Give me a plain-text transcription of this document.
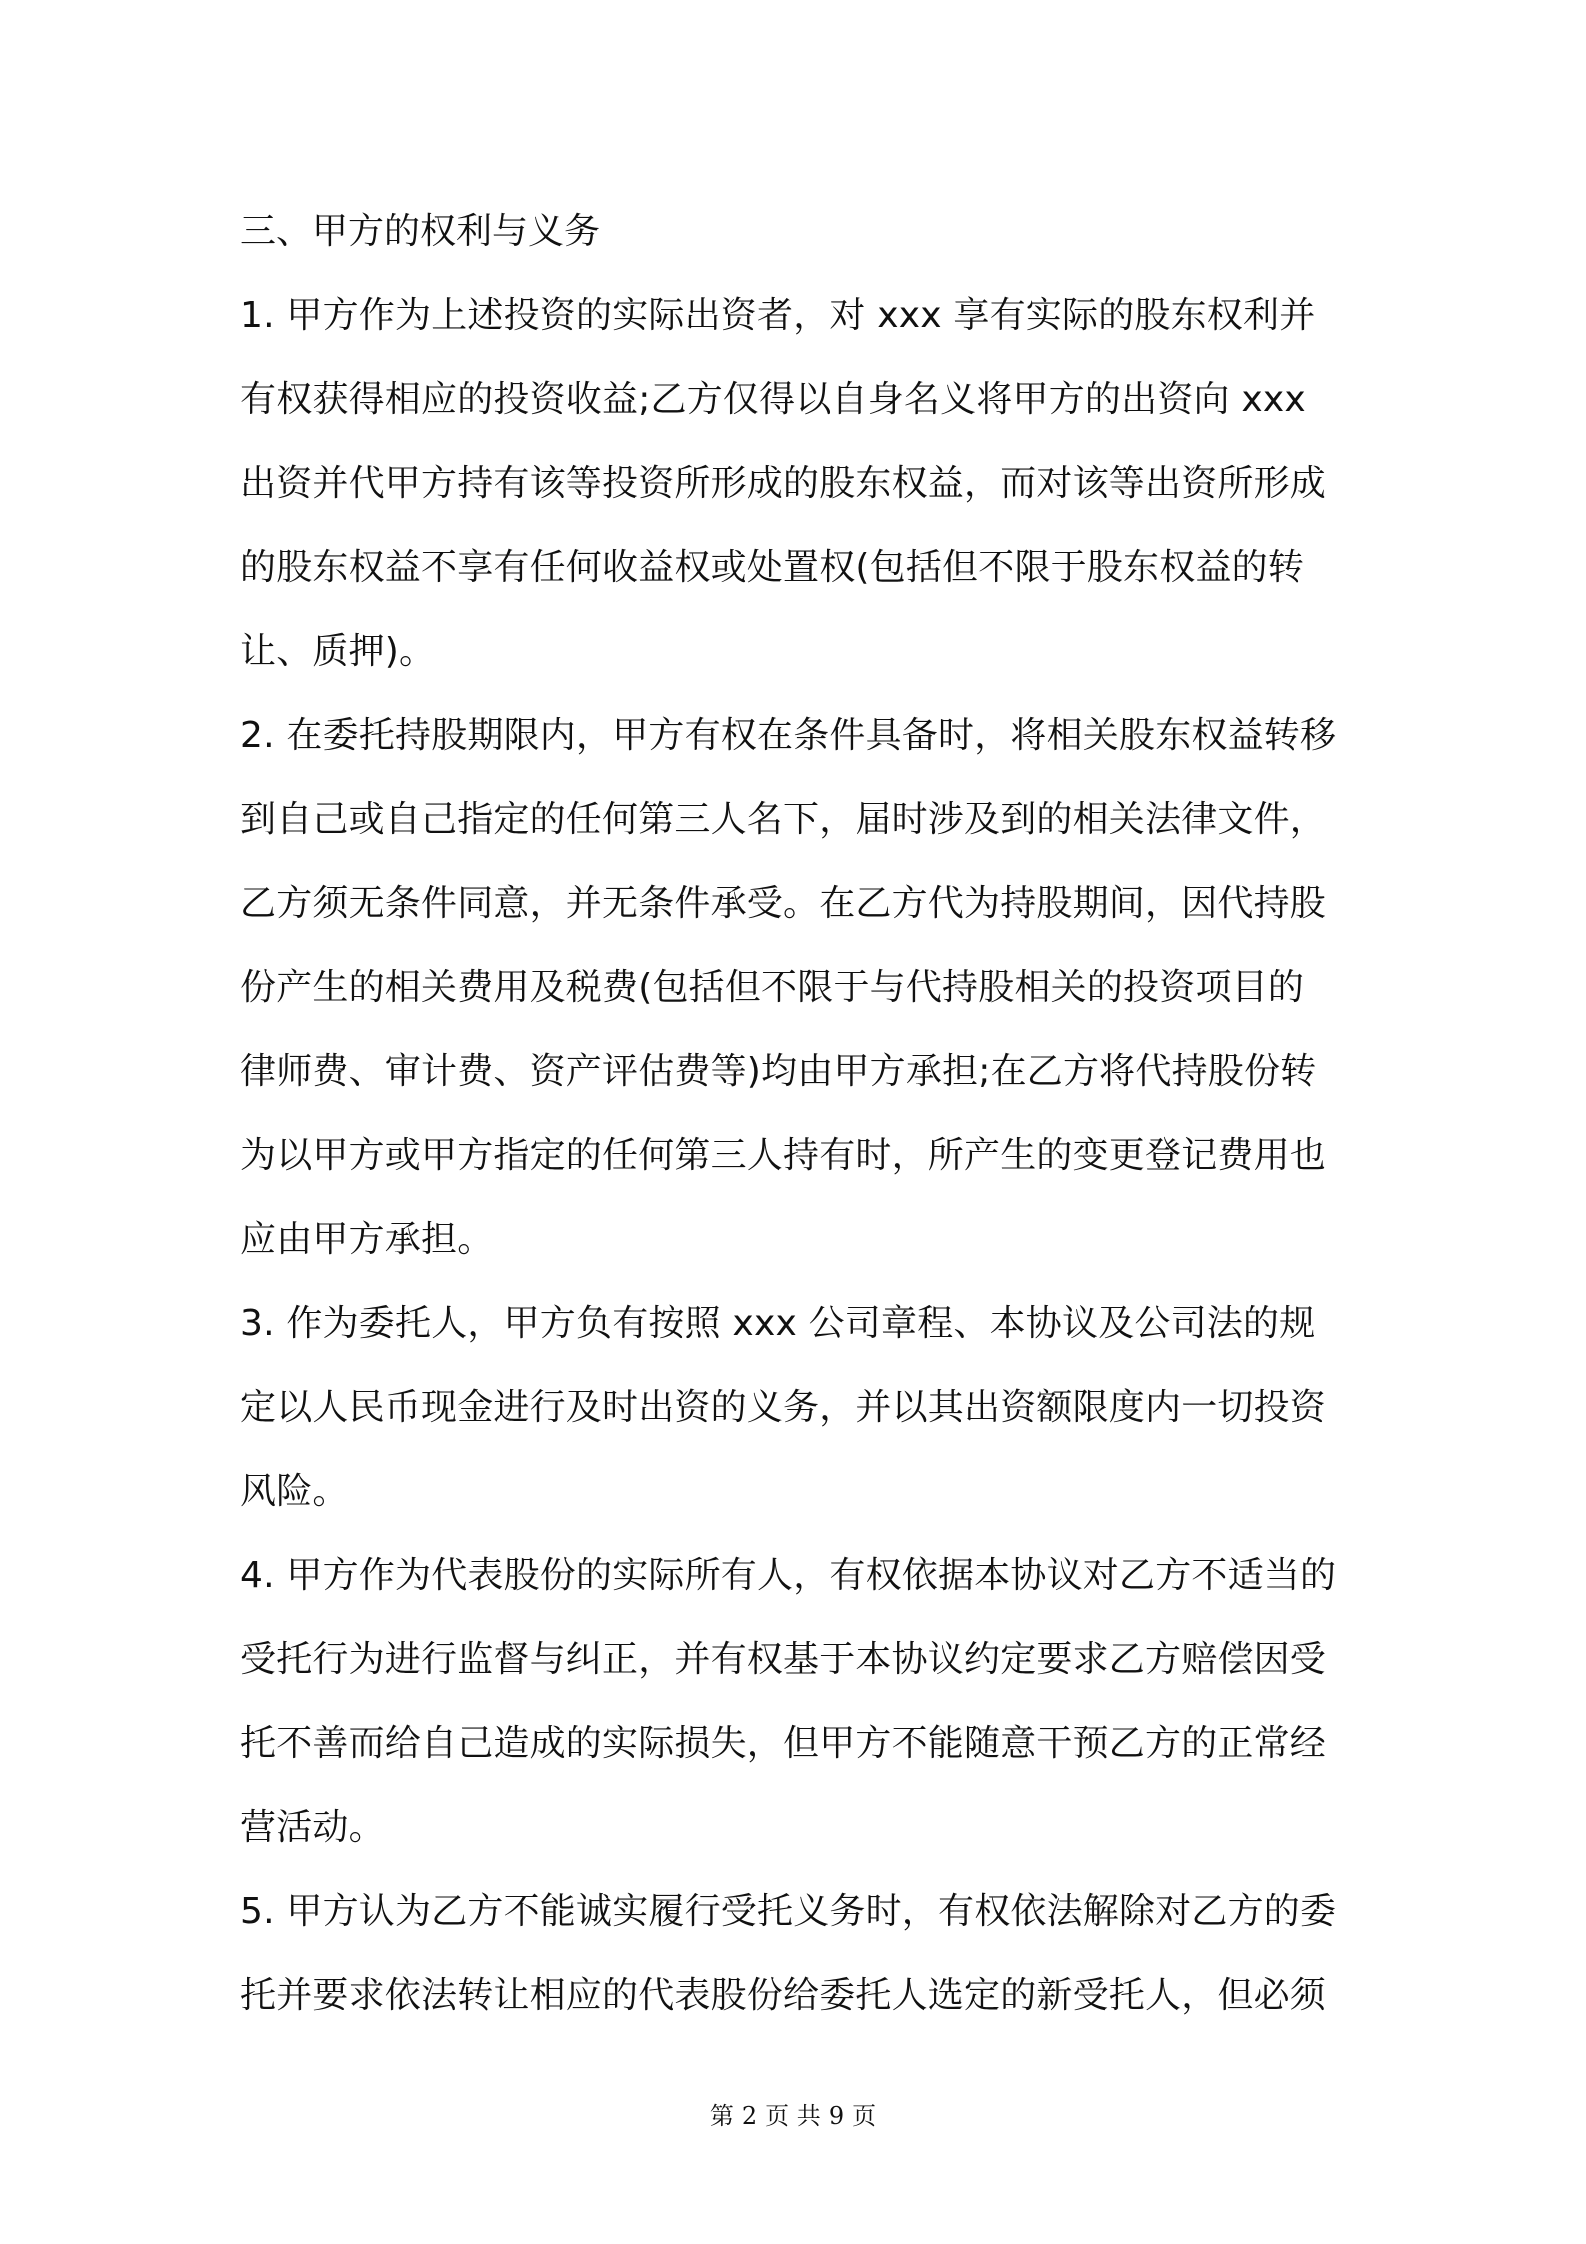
三、甲方的权利与义务

1. 甲方作为上述投资的实际出资者，对 xxx 享有实际的股东权利并
有权获得相应的投资收益;乙方仅得以自身名义将甲方的出资向 xxx
出资并代甲方持有该等投资所形成的股东权益，而对该等出资所形成
的股东权益不享有任何收益权或处置权(包括但不限于股东权益的转
让、质押)。
2. 在委托持股期限内，甲方有权在条件具备时，将相关股东权益转移
到自己或自己指定的任何第三人名下，届时涉及到的相关法律文件，
乙方须无条件同意，并无条件承受。在乙方代为持股期间，因代持股
份产生的相关费用及税费(包括但不限于与代持股相关的投资项目的
律师费、审计费、资产评估费等)均由甲方承担;在乙方将代持股份转
为以甲方或甲方指定的任何第三人持有时，所产生的变更登记费用也
应由甲方承担。
3. 作为委托人，甲方负有按照 xxx 公司章程、本协议及公司法的规
定以人民币现金进行及时出资的义务，并以其出资额限度内一切投资
风险。
4. 甲方作为代表股份的实际所有人，有权依据本协议对乙方不适当的
受托行为进行监督与纠正，并有权基于本协议约定要求乙方赔偿因受
托不善而给自己造成的实际损失，但甲方不能随意干预乙方的正常经
营活动。
5. 甲方认为乙方不能诚实履行受托义务时，有权依法解除对乙方的委
托并要求依法转让相应的代表股份给委托人选定的新受托人，但必须
第 2 页 共 9 页
